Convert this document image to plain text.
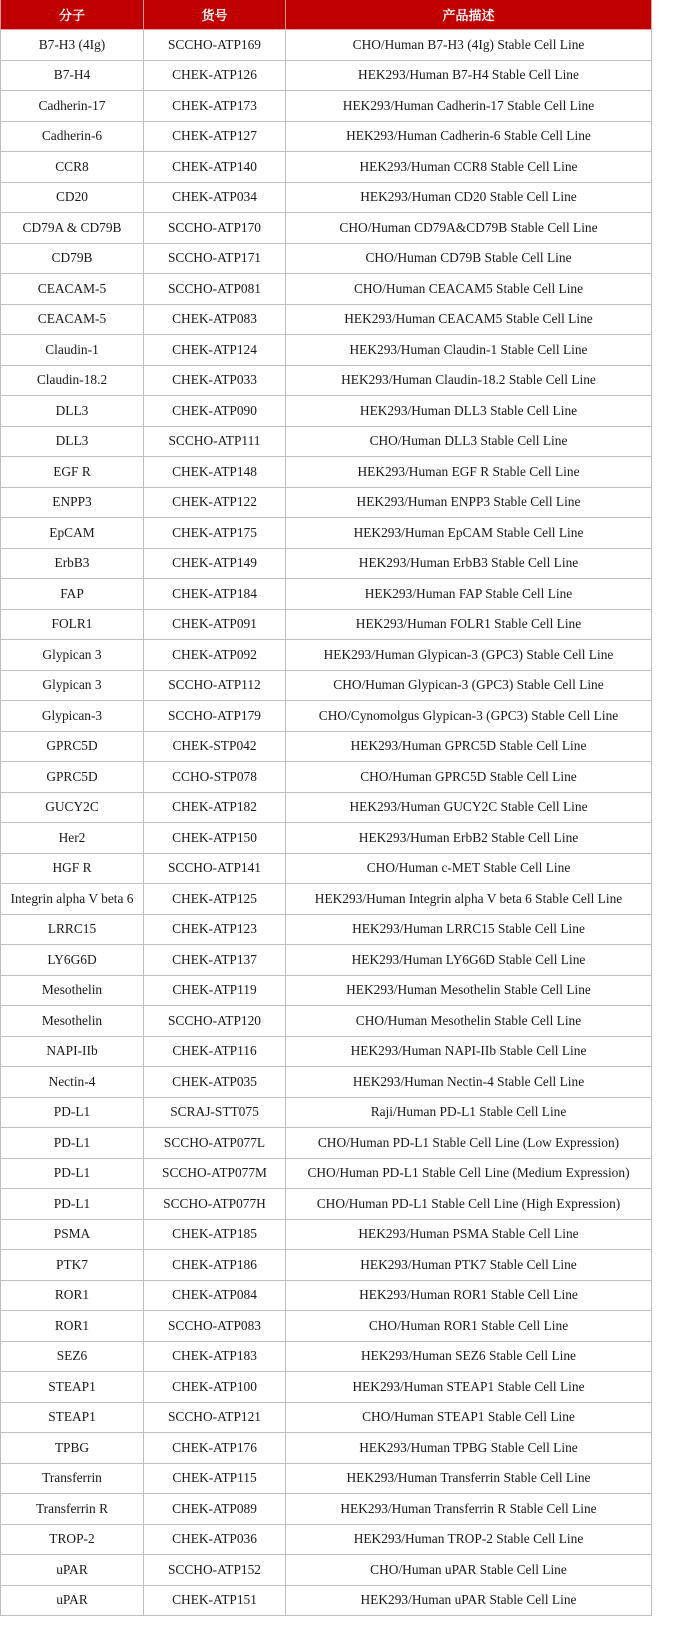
分子	货号	产品描述
B7-H3 (4Ig)	SCCHO-ATP169	CHO/Human B7-H3 (4Ig) Stable Cell Line
B7-H4	CHEK-ATP126	HEK293/Human B7-H4 Stable Cell Line
Cadherin-17	CHEK-ATP173	HEK293/Human Cadherin-17 Stable Cell Line
Cadherin-6	CHEK-ATP127	HEK293/Human Cadherin-6 Stable Cell Line
CCR8	CHEK-ATP140	HEK293/Human CCR8 Stable Cell Line
CD20	CHEK-ATP034	HEK293/Human CD20 Stable Cell Line
CD79A & CD79B	SCCHO-ATP170	CHO/Human CD79A&CD79B Stable Cell Line
CD79B	SCCHO-ATP171	CHO/Human CD79B Stable Cell Line
CEACAM-5	SCCHO-ATP081	CHO/Human CEACAM5 Stable Cell Line
CEACAM-5	CHEK-ATP083	HEK293/Human CEACAM5 Stable Cell Line
Claudin-1	CHEK-ATP124	HEK293/Human Claudin-1 Stable Cell Line
Claudin-18.2	CHEK-ATP033	HEK293/Human Claudin-18.2 Stable Cell Line
DLL3	CHEK-ATP090	HEK293/Human DLL3 Stable Cell Line
DLL3	SCCHO-ATP111	CHO/Human DLL3 Stable Cell Line
EGF R	CHEK-ATP148	HEK293/Human EGF R Stable Cell Line
ENPP3	CHEK-ATP122	HEK293/Human ENPP3 Stable Cell Line
EpCAM	CHEK-ATP175	HEK293/Human EpCAM Stable Cell Line
ErbB3	CHEK-ATP149	HEK293/Human ErbB3 Stable Cell Line
FAP	CHEK-ATP184	HEK293/Human FAP Stable Cell Line
FOLR1	CHEK-ATP091	HEK293/Human FOLR1 Stable Cell Line
Glypican 3	CHEK-ATP092	HEK293/Human Glypican-3 (GPC3) Stable Cell Line
Glypican 3	SCCHO-ATP112	CHO/Human Glypican-3 (GPC3) Stable Cell Line
Glypican-3	SCCHO-ATP179	CHO/Cynomolgus Glypican-3 (GPC3) Stable Cell Line
GPRC5D	CHEK-STP042	HEK293/Human GPRC5D Stable Cell Line
GPRC5D	CCHO-STP078	CHO/Human GPRC5D Stable Cell Line
GUCY2C	CHEK-ATP182	HEK293/Human GUCY2C Stable Cell Line
Her2	CHEK-ATP150	HEK293/Human ErbB2 Stable Cell Line
HGF R	SCCHO-ATP141	CHO/Human c-MET Stable Cell Line
Integrin alpha V beta 6	CHEK-ATP125	HEK293/Human Integrin alpha V beta 6 Stable Cell Line
LRRC15	CHEK-ATP123	HEK293/Human LRRC15 Stable Cell Line
LY6G6D	CHEK-ATP137	HEK293/Human LY6G6D Stable Cell Line
Mesothelin	CHEK-ATP119	HEK293/Human Mesothelin Stable Cell Line
Mesothelin	SCCHO-ATP120	CHO/Human Mesothelin Stable Cell Line
NAPI-IIb	CHEK-ATP116	HEK293/Human NAPI-IIb Stable Cell Line
Nectin-4	CHEK-ATP035	HEK293/Human Nectin-4 Stable Cell Line
PD-L1	SCRAJ-STT075	Raji/Human PD-L1 Stable Cell Line
PD-L1	SCCHO-ATP077L	CHO/Human PD-L1 Stable Cell Line (Low Expression)
PD-L1	SCCHO-ATP077M	CHO/Human PD-L1 Stable Cell Line (Medium Expression)
PD-L1	SCCHO-ATP077H	CHO/Human PD-L1 Stable Cell Line (High Expression)
PSMA	CHEK-ATP185	HEK293/Human PSMA Stable Cell Line
PTK7	CHEK-ATP186	HEK293/Human PTK7 Stable Cell Line
ROR1	CHEK-ATP084	HEK293/Human ROR1 Stable Cell Line
ROR1	SCCHO-ATP083	CHO/Human ROR1 Stable Cell Line
SEZ6	CHEK-ATP183	HEK293/Human SEZ6 Stable Cell Line
STEAP1	CHEK-ATP100	HEK293/Human STEAP1 Stable Cell Line
STEAP1	SCCHO-ATP121	CHO/Human STEAP1 Stable Cell Line
TPBG	CHEK-ATP176	HEK293/Human TPBG Stable Cell Line
Transferrin	CHEK-ATP115	HEK293/Human Transferrin Stable Cell Line
Transferrin R	CHEK-ATP089	HEK293/Human Transferrin R Stable Cell Line
TROP-2	CHEK-ATP036	HEK293/Human TROP-2 Stable Cell Line
uPAR	SCCHO-ATP152	CHO/Human uPAR Stable Cell Line
uPAR	CHEK-ATP151	HEK293/Human uPAR Stable Cell Line
